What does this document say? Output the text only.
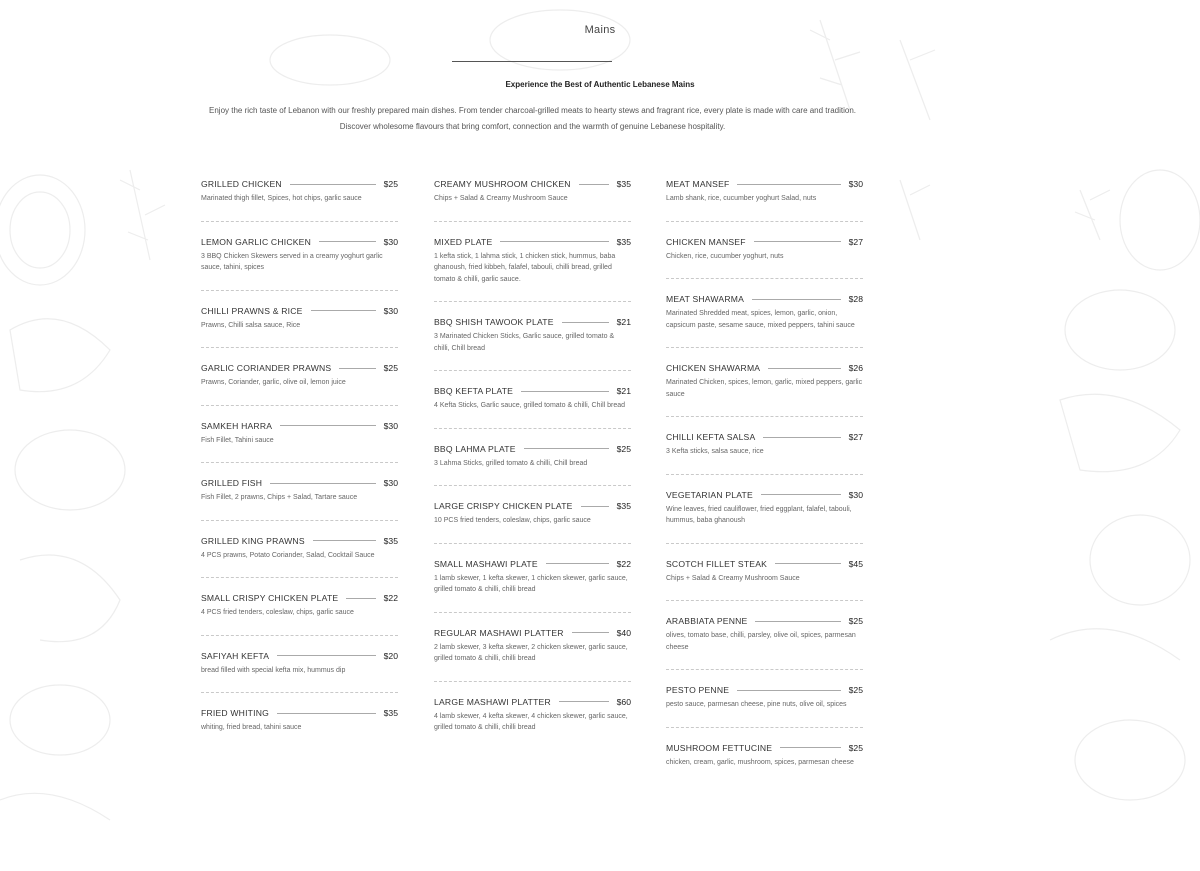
Mains
Experience the Best of Authentic Lebanese Mains
Enjoy the rich taste of Lebanon with our freshly prepared main dishes. From tender charcoal-grilled meats to hearty stews and fragrant rice, every plate is made with care and tradition. Discover wholesome flavours that bring comfort, connection and the warmth of genuine Lebanese hospitality.
GRILLED CHICKEN	$25
Marinated thigh fillet, Spices, hot chips, garlic sauce
LEMON GARLIC CHICKEN	$30
3 BBQ Chicken Skewers served in a creamy yoghurt garlic sauce, tahini, spices
CHILLI PRAWNS & RICE	$30
Prawns, Chilli salsa sauce, Rice
GARLIC CORIANDER PRAWNS	$25
Prawns, Coriander, garlic, olive oil, lemon juice
SAMKEH HARRA	$30
Fish Fillet, Tahini sauce
GRILLED FISH	$30
Fish Fillet, 2 prawns, Chips + Salad, Tartare sauce
GRILLED KING PRAWNS	$35
4 PCS prawns, Potato Coriander, Salad, Cocktail Sauce
SMALL CRISPY CHICKEN PLATE	$22
4 PCS fried tenders, coleslaw, chips, garlic sauce
SAFIYAH KEFTA	$20
bread filled with special kefta mix, hummus dip
FRIED WHITING	$35
whiting, fried bread, tahini sauce
CREAMY MUSHROOM CHICKEN	$35
Chips + Salad & Creamy Mushroom Sauce
MIXED PLATE	$35
1 kefta stick, 1 lahma stick, 1 chicken stick, hummus, baba ghanoush, fried kibbeh, falafel, tabouli, chilli bread, grilled tomato & chilli, garlic sauce.
BBQ SHISH TAWOOK PLATE	$21
3 Marinated Chicken Sticks, Garlic sauce, grilled tomato & chilli, Chill bread
BBQ KEFTA PLATE	$21
4 Kefta Sticks, Garlic sauce, grilled tomato & chilli, Chill bread
BBQ LAHMA PLATE	$25
3 Lahma Sticks, grilled tomato & chilli, Chill bread
LARGE CRISPY CHICKEN PLATE	$35
10 PCS fried tenders, coleslaw, chips, garlic sauce
SMALL MASHAWI PLATE	$22
1 lamb skewer, 1 kefta skewer, 1 chicken skewer, garlic sauce, grilled tomato & chilli, chilli bread
REGULAR MASHAWI PLATTER	$40
2 lamb skewer, 3 kefta skewer, 2 chicken skewer, garlic sauce, grilled tomato & chilli, chilli bread
LARGE MASHAWI PLATTER	$60
4 lamb skewer, 4 kefta skewer, 4 chicken skewer, garlic sauce, grilled tomato & chilli, chilli bread
MEAT MANSEF	$30
Lamb shank, rice, cucumber yoghurt Salad, nuts
CHICKEN MANSEF	$27
Chicken, rice, cucumber yoghurt, nuts
MEAT SHAWARMA	$28
Marinated Shredded meat, spices, lemon, garlic, onion, capsicum paste, sesame sauce, mixed peppers, tahini sauce
CHICKEN SHAWARMA	$26
Marinated Chicken, spices, lemon, garlic, mixed peppers, garlic sauce
CHILLI KEFTA SALSA	$27
3 Kefta sticks, salsa sauce, rice
VEGETARIAN PLATE	$30
Wine leaves, fried cauliflower, fried eggplant, falafel, tabouli, hummus, baba ghanoush
SCOTCH FILLET STEAK	$45
Chips + Salad & Creamy Mushroom Sauce
ARABBIATA PENNE	$25
olives, tomato base, chilli, parsley, olive oil, spices, parmesan cheese
PESTO PENNE	$25
pesto sauce, parmesan cheese, pine nuts, olive oil, spices
MUSHROOM FETTUCINE	$25
chicken, cream, garlic, mushroom, spices, parmesan cheese
